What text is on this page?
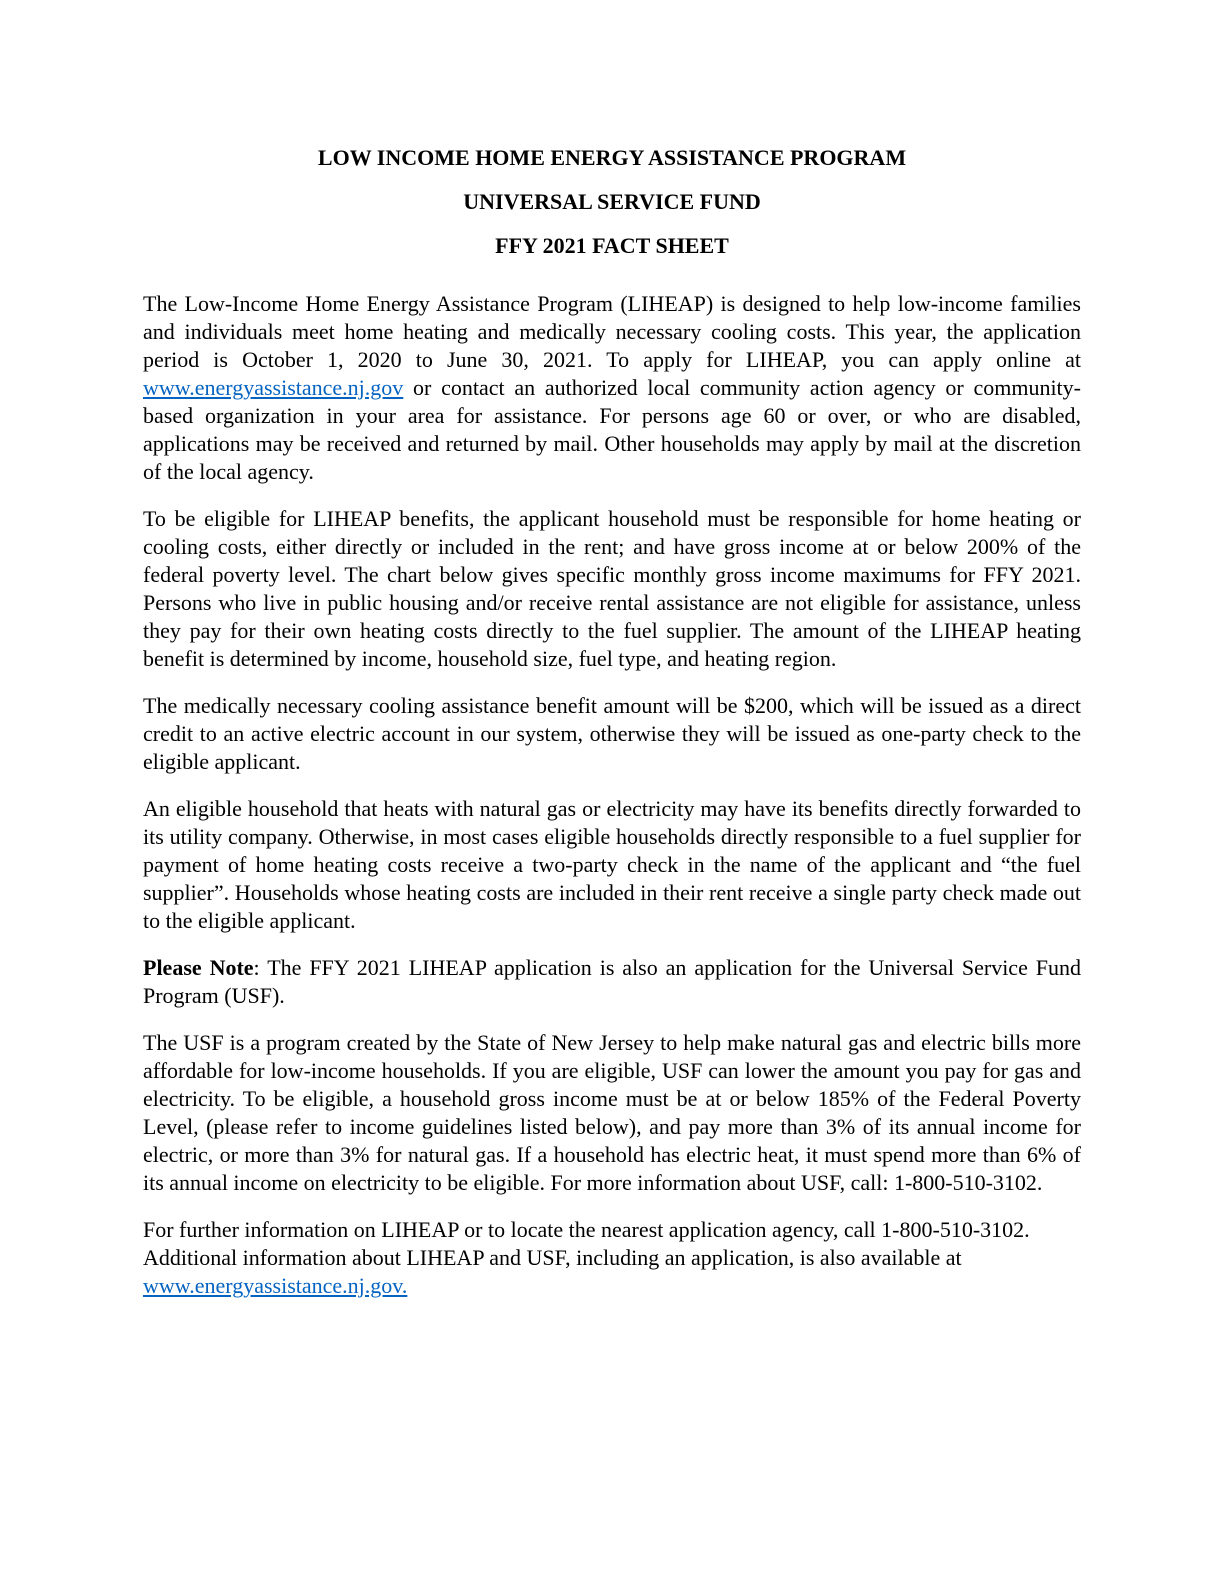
LOW INCOME HOME ENERGY ASSISTANCE PROGRAM
UNIVERSAL SERVICE FUND
FFY 2021 FACT SHEET

The Low-Income Home Energy Assistance Program (LIHEAP) is designed to help low-income families and individuals meet home heating and medically necessary cooling costs. This year, the application period is October 1, 2020 to June 30, 2021. To apply for LIHEAP, you can apply online at www.energyassistance.nj.gov or contact an authorized local community action agency or community-based organization in your area for assistance. For persons age 60 or over, or who are disabled, applications may be received and returned by mail. Other households may apply by mail at the discretion of the local agency.

To be eligible for LIHEAP benefits, the applicant household must be responsible for home heating or cooling costs, either directly or included in the rent; and have gross income at or below 200% of the federal poverty level. The chart below gives specific monthly gross income maximums for FFY 2021. Persons who live in public housing and/or receive rental assistance are not eligible for assistance, unless they pay for their own heating costs directly to the fuel supplier. The amount of the LIHEAP heating benefit is determined by income, household size, fuel type, and heating region.

The medically necessary cooling assistance benefit amount will be $200, which will be issued as a direct credit to an active electric account in our system, otherwise they will be issued as one-party check to the eligible applicant.

An eligible household that heats with natural gas or electricity may have its benefits directly forwarded to its utility company. Otherwise, in most cases eligible households directly responsible to a fuel supplier for payment of home heating costs receive a two-party check in the name of the applicant and “the fuel supplier”. Households whose heating costs are included in their rent receive a single party check made out to the eligible applicant.

Please Note: The FFY 2021 LIHEAP application is also an application for the Universal Service Fund Program (USF).

The USF is a program created by the State of New Jersey to help make natural gas and electric bills more affordable for low-income households. If you are eligible, USF can lower the amount you pay for gas and electricity. To be eligible, a household gross income must be at or below 185% of the Federal Poverty Level, (please refer to income guidelines listed below), and pay more than 3% of its annual income for electric, or more than 3% for natural gas. If a household has electric heat, it must spend more than 6% of its annual income on electricity to be eligible. For more information about USF, call: 1-800-510-3102.

For further information on LIHEAP or to locate the nearest application agency, call 1-800-510-3102. Additional information about LIHEAP and USF, including an application, is also available at www.energyassistance.nj.gov.
